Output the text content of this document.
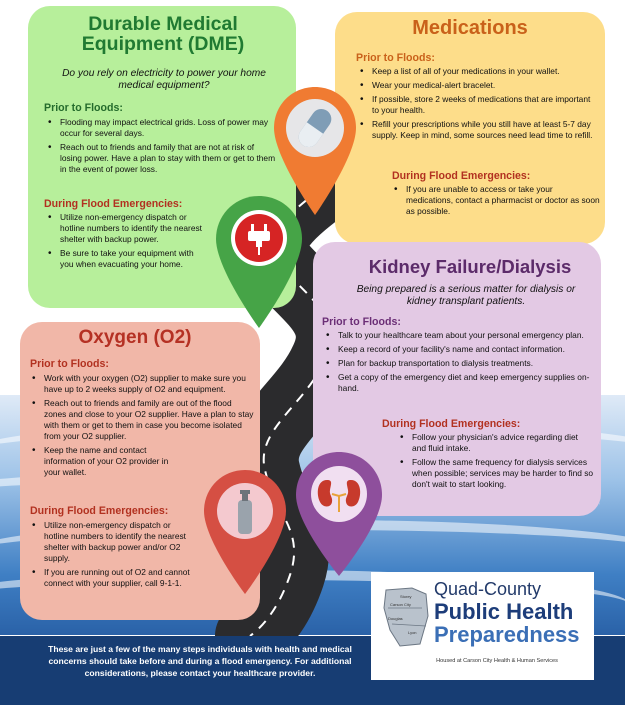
Durable Medical Equipment (DME)
Do you rely on electricity to power your home medical equipment?
Prior to Floods:
• Flooding may impact electrical grids. Loss of power may occur for several days.
• Reach out to friends and family that are not at risk of losing power. Have a plan to stay with them or get to them in the event of power loss.
During Flood Emergencies:
• Utilize non-emergency dispatch or hotline numbers to identify the nearest shelter with backup power.
• Be sure to take your equipment with you when evacuating your home.
Medications
Prior to Floods:
• Keep a list of all of your medications in your wallet.
• Wear your medical-alert bracelet.
• If possible, store 2 weeks of medications that are important to your health.
• Refill your prescriptions while you still have at least 5-7 day supply. Keep in mind, some sources need lead time to refill.
During Flood Emergencies:
• If you are unable to access or take your medications, contact a pharmacist or doctor as soon as possible.
Kidney Failure/Dialysis
Being prepared is a serious matter for dialysis or kidney transplant patients.
Prior to Floods:
• Talk to your healthcare team about your personal emergency plan.
• Keep a record of your facility's name and contact information.
• Plan for backup transportation to dialysis treatments.
• Get a copy of the emergency diet and keep emergency supplies on-hand.
During Flood Emergencies:
• Follow your physician's advice regarding diet and fluid intake.
• Follow the same frequency for dialysis services when possible; services may be harder to find so don't wait to start looking.
Oxygen (O2)
Prior to Floods:
• Work with your oxygen (O2) supplier to make sure you have up to 2 weeks supply of O2 and equipment.
• Reach out to friends and family are out of the flood zones and close to your O2 supplier. Have a plan to stay with them or get to them in case you become isolated from your O2 supplier.
• Keep the name and contact information of your O2 provider in your wallet.
During Flood Emergencies:
• Utilize non-emergency dispatch or hotline numbers to identify the nearest shelter with backup power and/or O2 supply.
• If you are running out of O2 and cannot connect with your supplier, call 9-1-1.
These are just a few of the many steps individuals with health and medical concerns should take before and during a flood emergency. For additional considerations, please contact your healthcare provider.
Storey
Carson City
Douglas
Lyon
Quad-County
Public Health
Preparedness
Housed at Carson City Health & Human Services
